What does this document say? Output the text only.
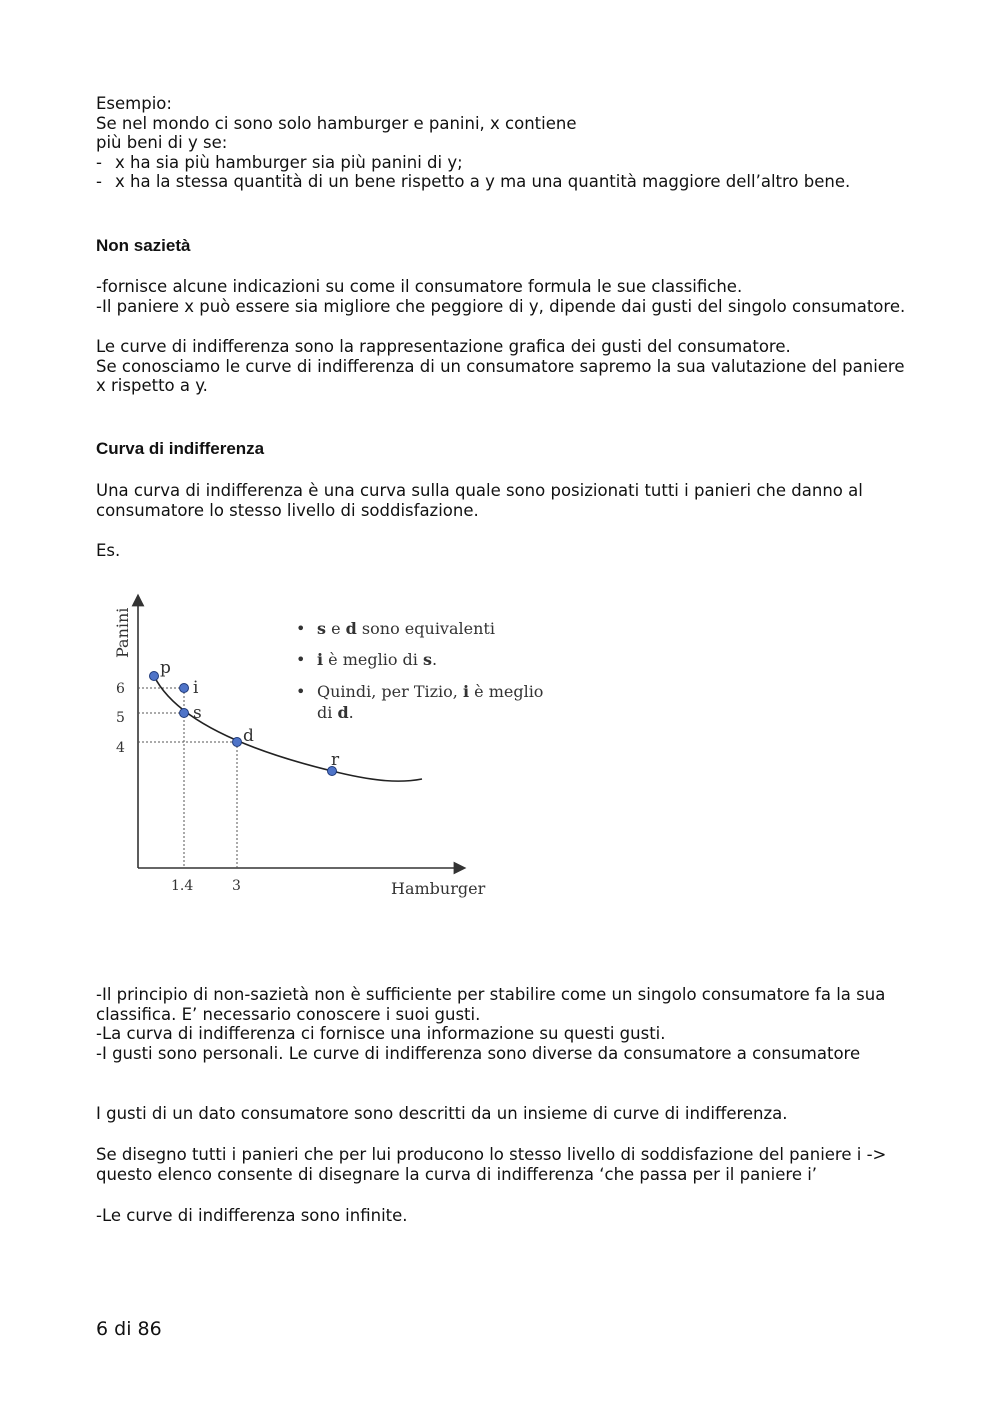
Esempio:
Se nel mondo ci sono solo hamburger e panini, x contiene
più beni di y se:
- x ha sia più hamburger sia più panini di y;
- x ha la stessa quantità di un bene rispetto a y ma una quantità maggiore dell’altro bene.
Non sazietà
-fornisce alcune indicazioni su come il consumatore formula le sue classifiche.
-Il paniere x può essere sia migliore che peggiore di y, dipende dai gusti del singolo consumatore.
Le curve di indifferenza sono la rappresentazione grafica dei gusti del consumatore.
Se conosciamo le curve di indifferenza di un consumatore sapremo la sua valutazione del paniere
x rispetto a y.
Curva di indifferenza
Una curva di indifferenza è una curva sulla quale sono posizionati tutti i panieri che danno al
consumatore lo stesso livello di soddisfazione.
Es.
p
i
s
d
r
6
5
4
1.4	3
Panini
Hamburger
• s e d sono equivalenti
• i è meglio di s.
• Quindi, per Tizio, i è meglio
di d.
-Il principio di non-sazietà non è sufficiente per stabilire come un singolo consumatore fa la sua
classifica. E’ necessario conoscere i suoi gusti.
-La curva di indifferenza ci fornisce una informazione su questi gusti.
-I gusti sono personali. Le curve di indifferenza sono diverse da consumatore a consumatore
I gusti di un dato consumatore sono descritti da un insieme di curve di indifferenza.
Se disegno tutti i panieri che per lui producono lo stesso livello di soddisfazione del paniere i ->
questo elenco consente di disegnare la curva di indifferenza ‘che passa per il paniere i’
-Le curve di indifferenza sono infinite.
6 di 86
